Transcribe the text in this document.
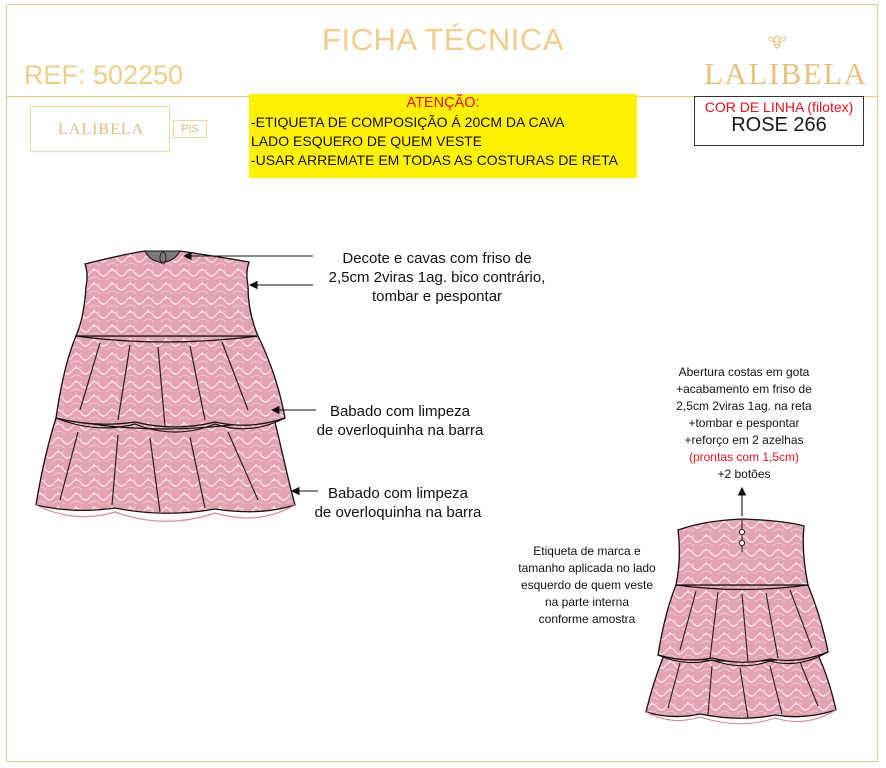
FICHA TÉCNICA
REF: 502250	LALIBELA
LALIBELA	P|S
ATENÇÃO:
-ETIQUETA DE COMPOSIÇÃO Á 20CM DA CAVA
LADO ESQUERO DE QUEM VESTE
-USAR ARREMATE EM TODAS AS COSTURAS DE RETA
COR DE LINHA (filotex)
ROSE 266
Decote e cavas com friso de
2,5cm 2viras 1ag. bico contrário,
tombar e pespontar
Babado com limpeza
de overloquinha na barra
Babado com limpeza
de overloquinha na barra
Abertura costas em gota
+acabamento em friso de
2,5cm 2viras 1ag. na reta
+tombar e pespontar
+reforço em 2 azelhas
(prontas com 1,5cm)
+2 botões
Etiqueta de marca e
tamanho aplicada no lado
esquerdo de quem veste
na parte interna
conforme amostra
